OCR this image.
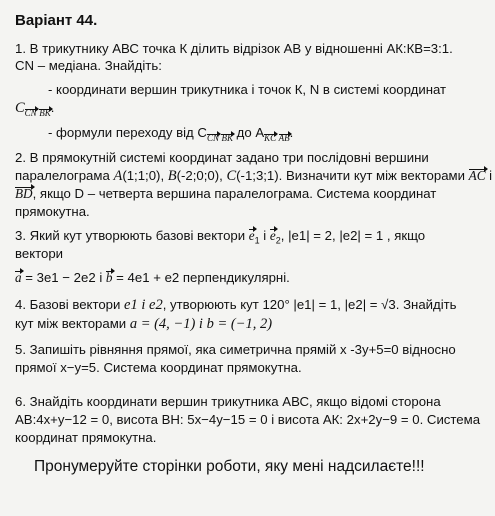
Варіант 44.
1. В трикутнику АВС точка К ділить відрізок АВ у відношенні АК:КВ=3:1.
CN – медіана. Знайдіть:
- координати вершин трикутника і точок К, N в системі координат
$C_{CN BK}$.
- формули переходу від $C_{CN BK}$ до $A_{KC AB}$.
2. В прямокутній системі координат задано три послідовні вершини
паралелограма A(1;1;0), B(-2;0;0), C(-1;3;1). Визначити кут між векторами AC і
BD, якщо D – четверта вершина паралелограма. Система координат
прямокутна.
3. Який кут утворюють базові вектори $e_1$ і $e_2$, |e1| = 2, |e2| = 1 , якщо
вектори
a = 3e1 − 2e2 і b = 4e1 + e2 перпендикулярні.
4. Базові вектори e1 і e2, утворюють кут 120° |e1| = 1, |e2| = √3. Знайдіть
кут між векторами a = (4, −1) і b = (−1, 2)
5. Запишіть рівняння прямої, яка симетрична прямій х -3у+5=0 відносно
прямої х−у=5. Система координат прямокутна.
6. Знайдіть координати вершин трикутника АВС, якщо відомі сторона
AB:4x+y−12 = 0, висота ВН: 5x−4y−15 = 0 і висота АК: 2x+2y−9 = 0. Система
координат прямокутна.
Пронумеруйте сторінки роботи, яку мені надсилаєте!!!
